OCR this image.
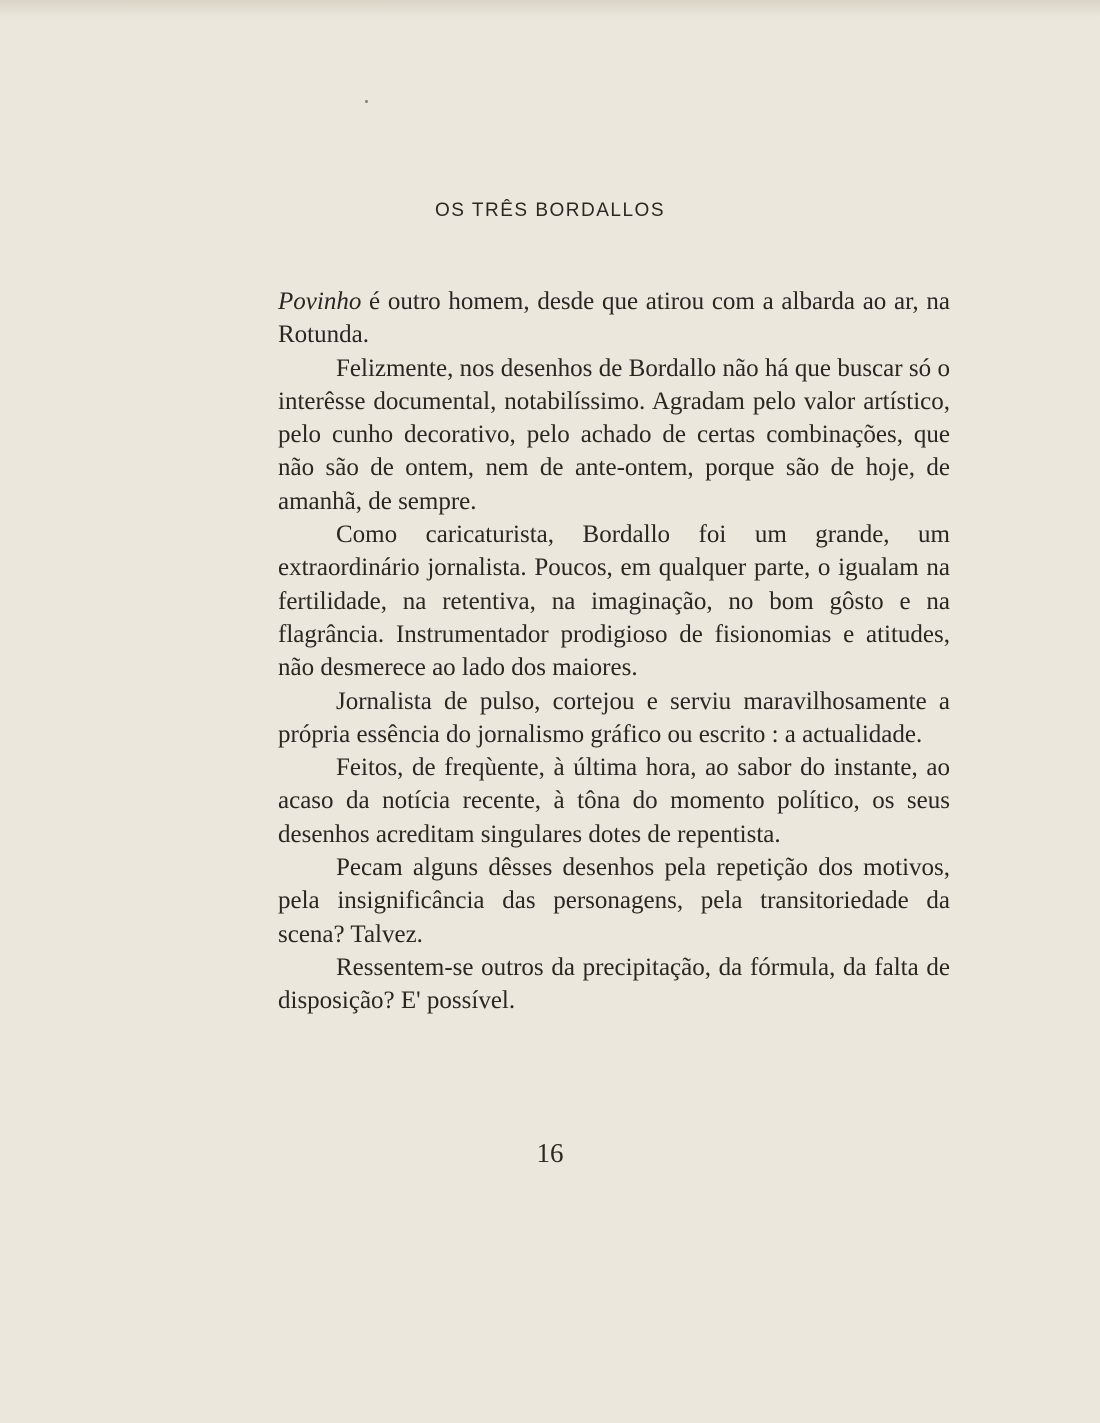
OS TRÊS BORDALLOS

Povinho é outro homem, desde que atirou com a albarda ao ar, na Rotunda.

Felizmente, nos desenhos de Bordallo não há que buscar só o interêsse documental, notabilíssimo. Agradam pelo valor artístico, pelo cunho decorativo, pelo achado de certas combinações, que não são de ontem, nem de ante-ontem, porque são de hoje, de amanhã, de sempre.

Como caricaturista, Bordallo foi um grande, um extraordinário jornalista. Poucos, em qualquer parte, o igualam na fertilidade, na retentiva, na imaginação, no bom gôsto e na flagrância. Instrumentador prodigioso de fisionomias e atitudes, não desmerece ao lado dos maiores.

Jornalista de pulso, cortejou e serviu maravilhosamente a própria essência do jornalismo gráfico ou escrito : a actualidade.

Feitos, de freqùente, à última hora, ao sabor do instante, ao acaso da notícia recente, à tôna do momento político, os seus desenhos acreditam singulares dotes de repentista.

Pecam alguns dêsses desenhos pela repetição dos motivos, pela insignificância das personagens, pela transitoriedade da scena? Talvez.

Ressentem-se outros da precipitação, da fórmula, da falta de disposição? E' possível.

16
